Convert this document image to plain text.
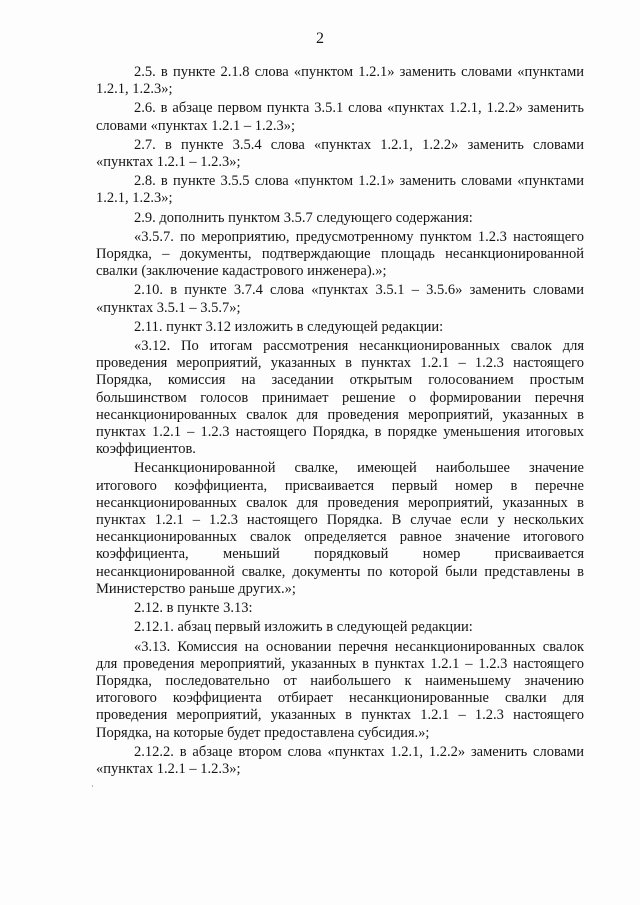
2

2.5. в пункте 2.1.8 слова «пунктом 1.2.1» заменить словами «пунктами 1.2.1, 1.2.3»;

2.6. в абзаце первом пункта 3.5.1 слова «пунктах 1.2.1, 1.2.2» заменить словами «пунктах 1.2.1 – 1.2.3»;

2.7. в пункте 3.5.4 слова «пунктах 1.2.1, 1.2.2» заменить словами «пунктах 1.2.1 – 1.2.3»;

2.8. в пункте 3.5.5 слова «пунктом 1.2.1» заменить словами «пунктами 1.2.1, 1.2.3»;

2.9. дополнить пунктом 3.5.7 следующего содержания:

«3.5.7. по мероприятию, предусмотренному пунктом 1.2.3 настоящего Порядка, – документы, подтверждающие площадь несанкционированной свалки (заключение кадастрового инженера).»;

2.10. в пункте 3.7.4 слова «пунктах 3.5.1 – 3.5.6» заменить словами «пунктах 3.5.1 – 3.5.7»;

2.11. пункт 3.12 изложить в следующей редакции:

«3.12. По итогам рассмотрения несанкционированных свалок для проведения мероприятий, указанных в пунктах 1.2.1 – 1.2.3 настоящего Порядка, комиссия на заседании открытым голосованием простым большинством голосов принимает решение о формировании перечня несанкционированных свалок для проведения мероприятий, указанных в пунктах 1.2.1 – 1.2.3 настоящего Порядка, в порядке уменьшения итоговых коэффициентов.

Несанкционированной свалке, имеющей наибольшее значение итогового коэффициента, присваивается первый номер в перечне несанкционированных свалок для проведения мероприятий, указанных в пунктах 1.2.1 – 1.2.3 настоящего Порядка. В случае если у нескольких несанкционированных свалок определяется равное значение итогового коэффициента, меньший порядковый номер присваивается несанкционированной свалке, документы по которой были представлены в Министерство раньше других.»;

2.12. в пункте 3.13:

2.12.1. абзац первый изложить в следующей редакции:

«3.13. Комиссия на основании перечня несанкционированных свалок для проведения мероприятий, указанных в пунктах 1.2.1 – 1.2.3 настоящего Порядка, последовательно от наибольшего к наименьшему значению итогового коэффициента отбирает несанкционированные свалки для проведения мероприятий, указанных в пунктах 1.2.1 – 1.2.3 настоящего Порядка, на которые будет предоставлена субсидия.»;

2.12.2. в абзаце втором слова «пунктах 1.2.1, 1.2.2» заменить словами «пунктах 1.2.1 – 1.2.3»;

ʿ
